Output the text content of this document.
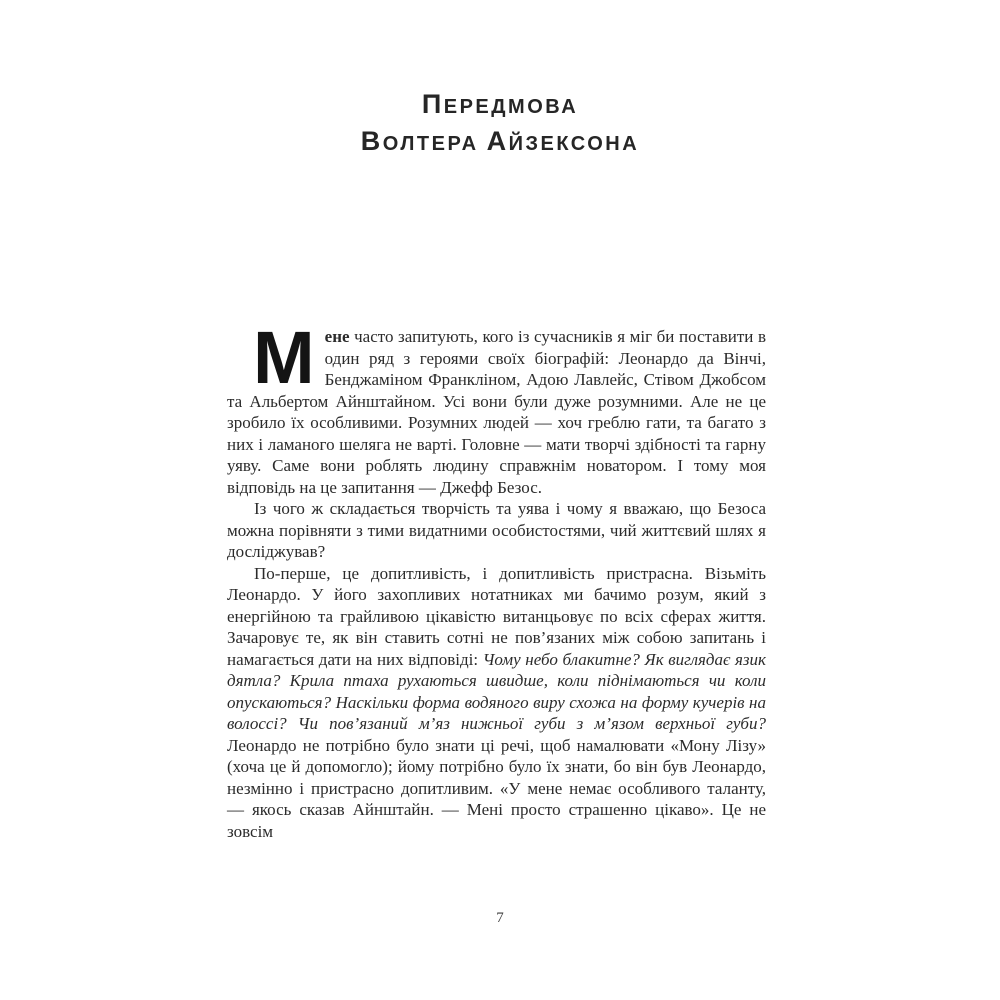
ПЕРЕДМОВА
ВОЛТЕРА АЙЗЕКСОНА

Мене часто запитують, кого із сучасників я міг би поставити в один ряд з героями своїх біографій: Леонардо да Вінчі, Бенджаміном Франкліном, Адою Лавлейс, Стівом Джобсом та Альбертом Айнштайном. Усі вони були дуже розумними. Але не це зробило їх особливими. Розумних людей — хоч греблю гати, та багато з них і ламаного шеляга не варті. Головне — мати творчі здібності та гарну уяву. Саме вони роблять людину справжнім новатором. І тому моя відповідь на це запитання — Джефф Безос.

Із чого ж складається творчість та уява і чому я вважаю, що Безоса можна порівняти з тими видатними особистостями, чий життєвий шлях я досліджував?

По-перше, це допитливість, і допитливість пристрасна. Візьміть Леонардо. У його захопливих нотатниках ми бачимо розум, який з енергійною та грайливою цікавістю витанцьовує по всіх сферах життя. Зачаровує те, як він ставить сотні не пов’язаних між собою запитань і намагається дати на них відповіді: Чому небо блакитне? Як виглядає язик дятла? Крила птаха рухаються швидше, коли піднімаються чи коли опускаються? Наскільки форма водяного виру схожа на форму кучерів на волоссі? Чи пов’язаний м’яз нижньої губи з м’язом верхньої губи? Леонардо не потрібно було знати ці речі, щоб намалювати «Мону Лізу» (хоча це й допомогло); йому потрібно було їх знати, бо він був Леонардо, незмінно і пристрасно допитливим. «У мене немає особливого таланту, — якось сказав Айнштайн. — Мені просто страшенно цікаво». Це не зовсім

7
